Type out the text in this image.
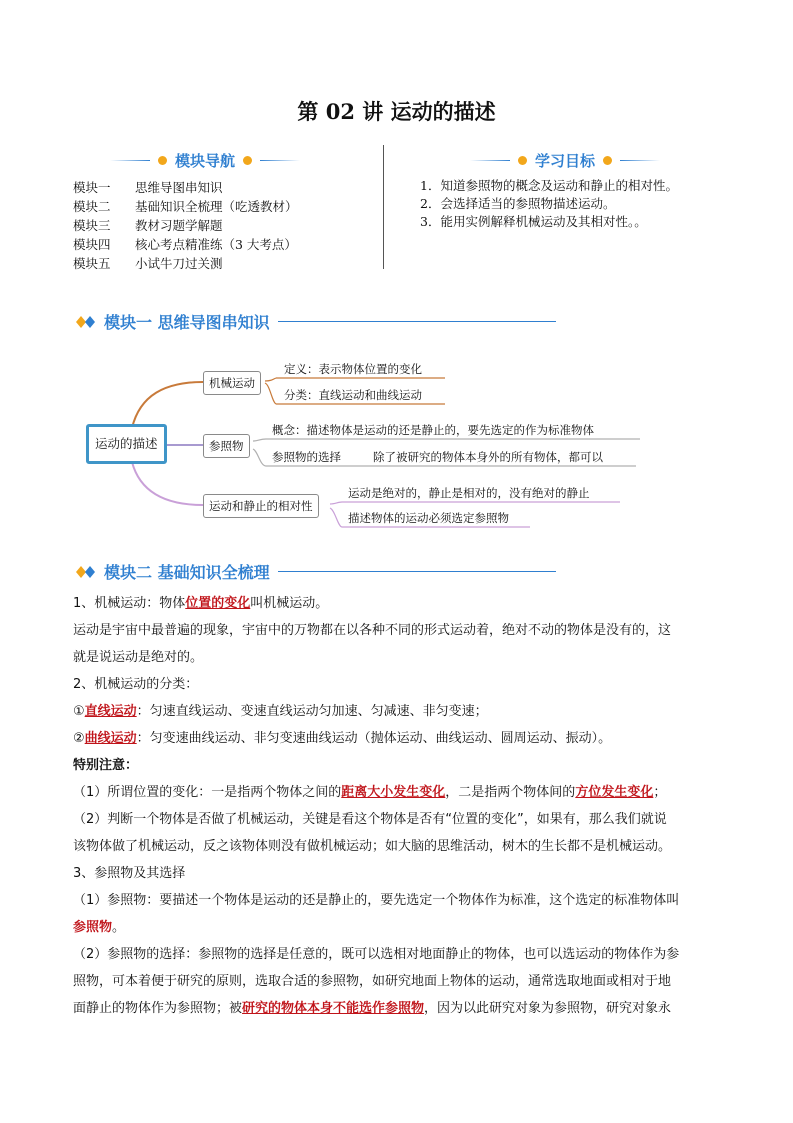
第 02 讲 运动的描述
模块导航
模块一	思维导图串知识
模块二	基础知识全梳理（吃透教材）
模块三	教材习题学解题
模块四	核心考点精准练（3 大考点）
模块五	小试牛刀过关测
学习目标
1．知道参照物的概念及运动和静止的相对性。
2．会选择适当的参照物描述运动。
3．能用实例解释机械运动及其相对性。。
模块一 思维导图串知识
运动的描述
机械运动
参照物
运动和静止的相对性
定义：表示物体位置的变化
分类：直线运动和曲线运动
概念：描述物体是运动的还是静止的，要先选定的作为标准物体
参照物的选择	除了被研究的物体本身外的所有物体，都可以
运动是绝对的，静止是相对的，没有绝对的静止
描述物体的运动必须选定参照物
模块二 基础知识全梳理
1、机械运动：物体位置的变化叫机械运动。
运动是宇宙中最普遍的现象，宇宙中的万物都在以各种不同的形式运动着，绝对不动的物体是没有的，这
就是说运动是绝对的。
2、机械运动的分类：
①直线运动：匀速直线运动、变速直线运动匀加速、匀减速、非匀变速；
②曲线运动：匀变速曲线运动、非匀变速曲线运动（抛体运动、曲线运动、圆周运动、振动）。
特别注意：
（1）所谓位置的变化：一是指两个物体之间的距离大小发生变化，二是指两个物体间的方位发生变化；
（2）判断一个物体是否做了机械运动，关键是看这个物体是否有“位置的变化”，如果有，那么我们就说
该物体做了机械运动，反之该物体则没有做机械运动；如大脑的思维活动，树木的生长都不是机械运动。
3、参照物及其选择
（1）参照物：要描述一个物体是运动的还是静止的，要先选定一个物体作为标准，这个选定的标准物体叫
参照物。
（2）参照物的选择：参照物的选择是任意的，既可以选相对地面静止的物体，也可以选运动的物体作为参
照物，可本着便于研究的原则，选取合适的参照物，如研究地面上物体的运动，通常选取地面或相对于地
面静止的物体作为参照物；被研究的物体本身不能选作参照物，因为以此研究对象为参照物，研究对象永
